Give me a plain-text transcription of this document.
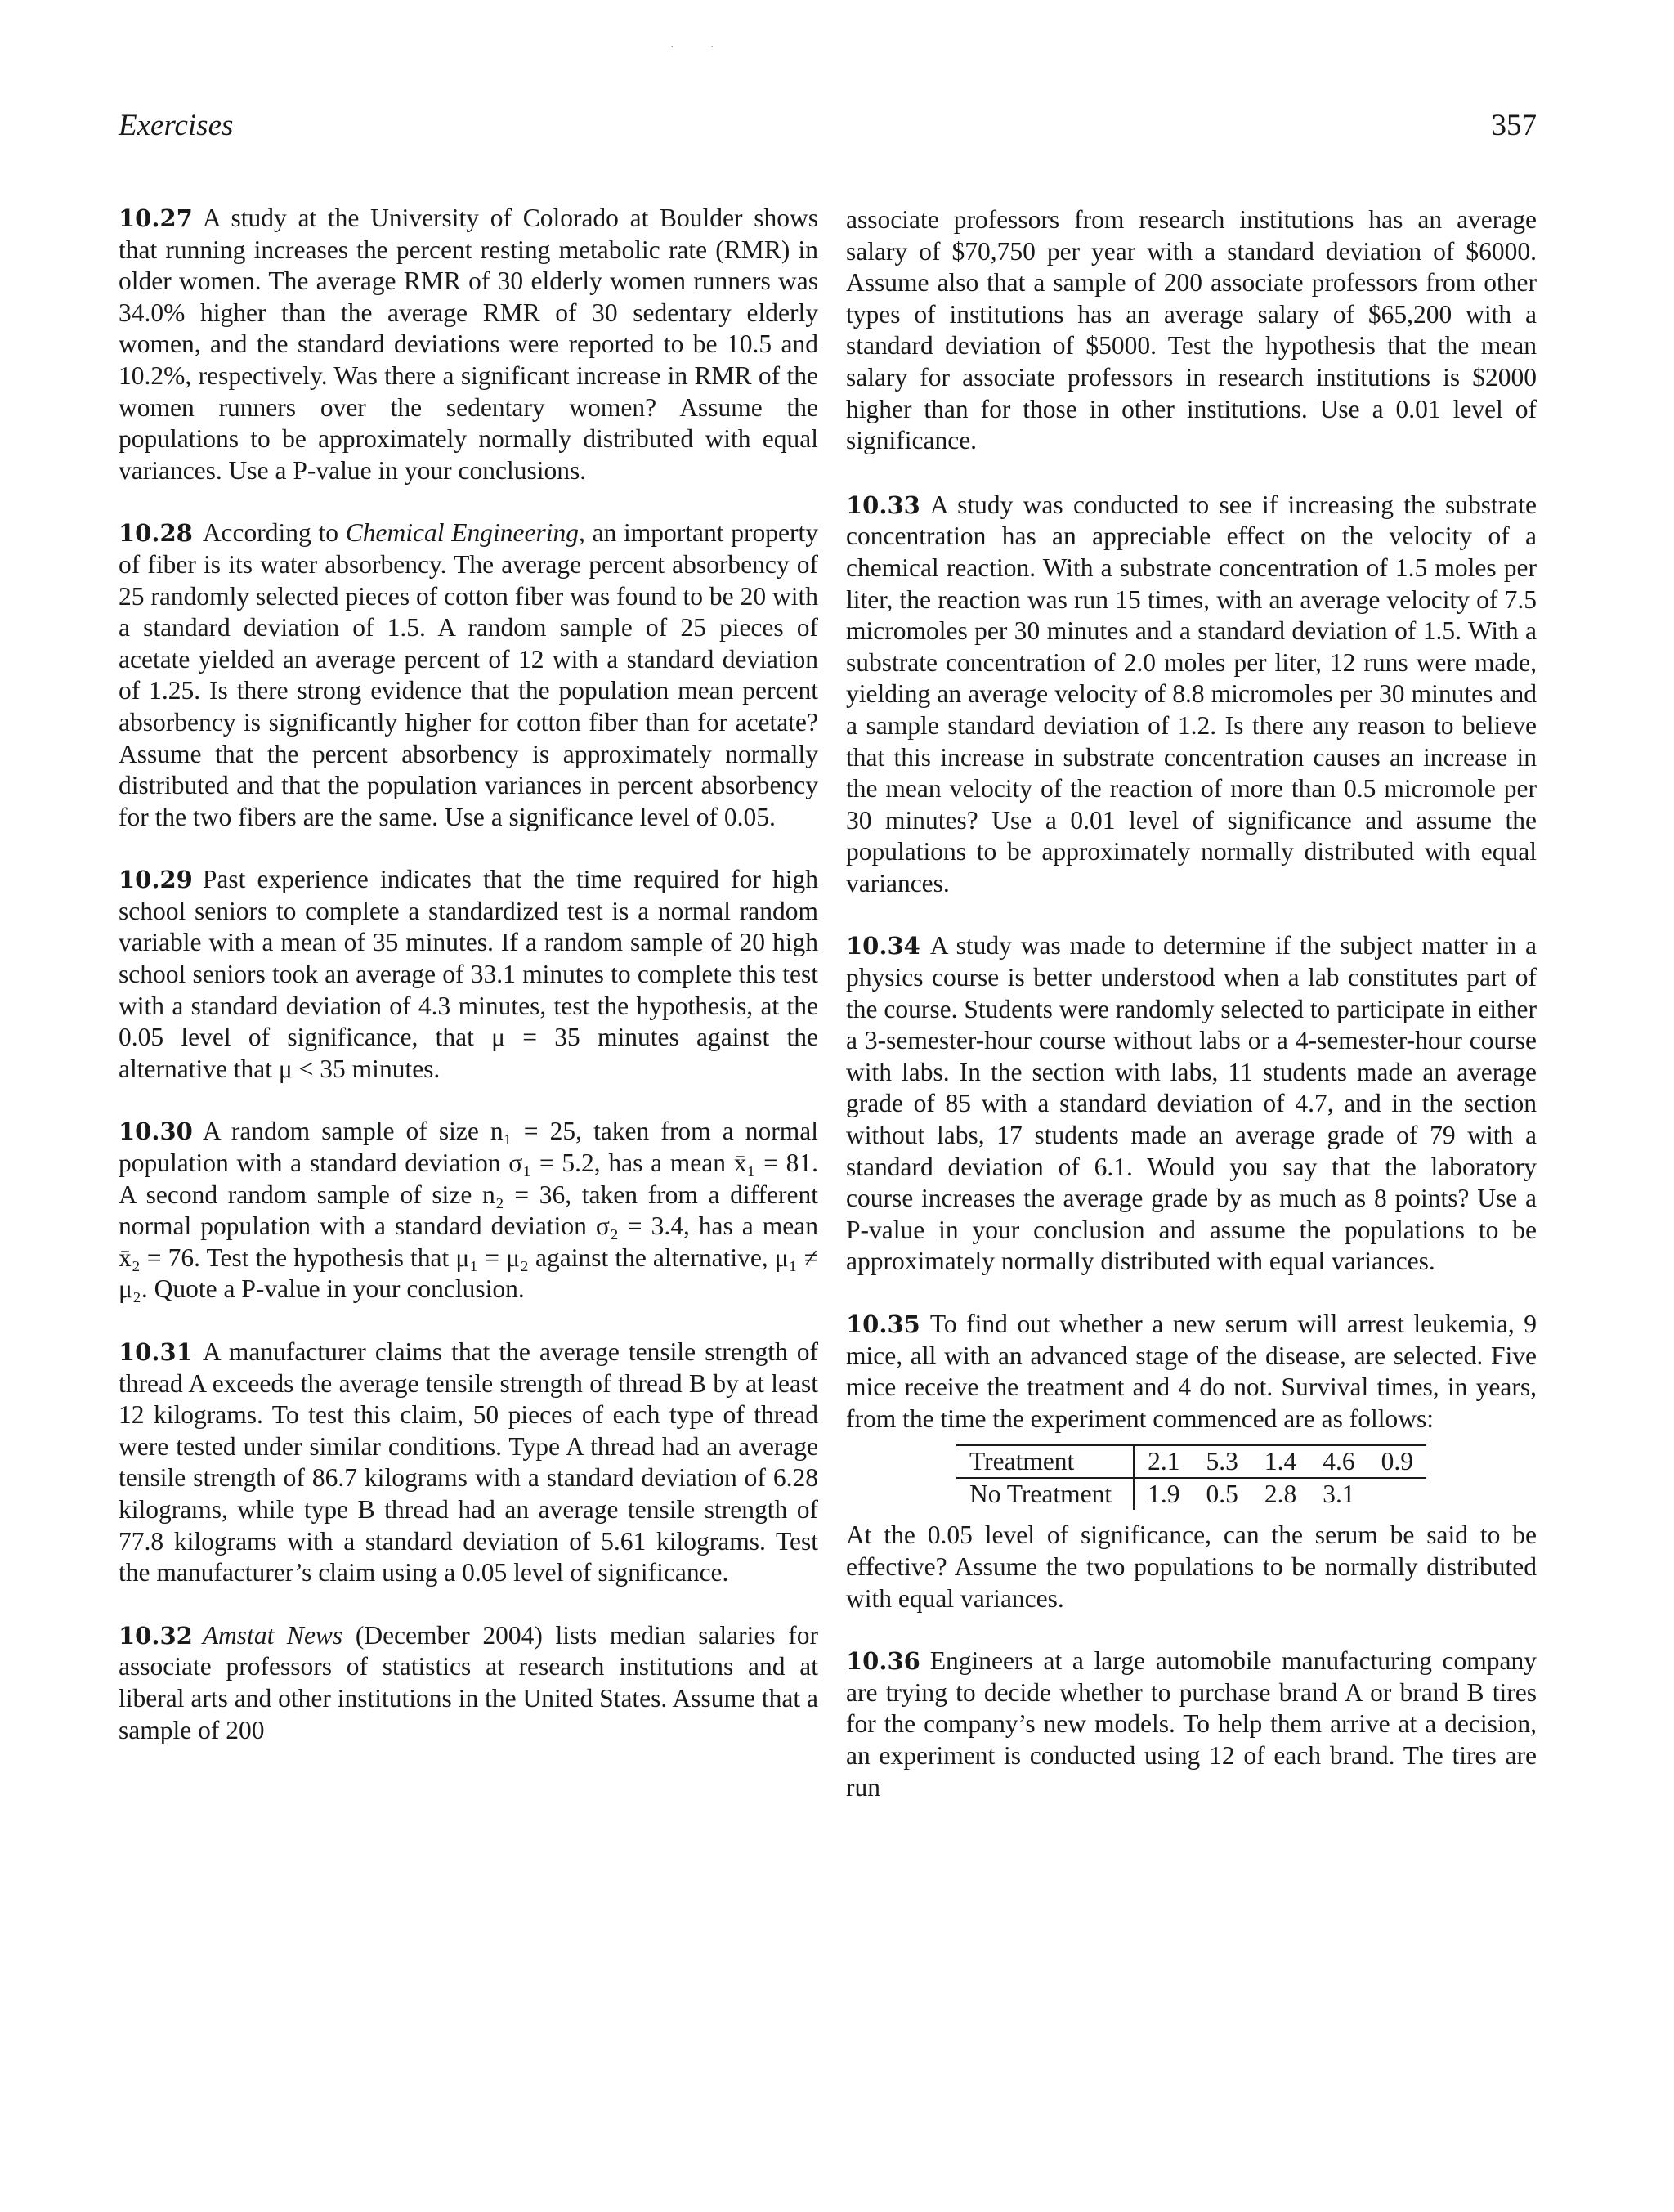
· ·
Exercises	357

10.27 A study at the University of Colorado at Boulder shows that running increases the percent resting metabolic rate (RMR) in older women. The average RMR of 30 elderly women runners was 34.0% higher than the average RMR of 30 sedentary elderly women, and the standard deviations were reported to be 10.5 and 10.2%, respectively. Was there a significant increase in RMR of the women runners over the sedentary women? Assume the populations to be approximately normally distributed with equal variances. Use a P-value in your conclusions.

10.28 According to Chemical Engineering, an important property of fiber is its water absorbency. The average percent absorbency of 25 randomly selected pieces of cotton fiber was found to be 20 with a standard deviation of 1.5. A random sample of 25 pieces of acetate yielded an average percent of 12 with a standard deviation of 1.25. Is there strong evidence that the population mean percent absorbency is significantly higher for cotton fiber than for acetate? Assume that the percent absorbency is approximately normally distributed and that the population variances in percent absorbency for the two fibers are the same. Use a significance level of 0.05.

10.29 Past experience indicates that the time required for high school seniors to complete a standardized test is a normal random variable with a mean of 35 minutes. If a random sample of 20 high school seniors took an average of 33.1 minutes to complete this test with a standard deviation of 4.3 minutes, test the hypothesis, at the 0.05 level of significance, that μ = 35 minutes against the alternative that μ < 35 minutes.

10.30 A random sample of size n₁ = 25, taken from a normal population with a standard deviation σ₁ = 5.2, has a mean x̄₁ = 81. A second random sample of size n₂ = 36, taken from a different normal population with a standard deviation σ₂ = 3.4, has a mean x̄₂ = 76. Test the hypothesis that μ₁ = μ₂ against the alternative, μ₁ ≠ μ₂. Quote a P-value in your conclusion.

10.31 A manufacturer claims that the average tensile strength of thread A exceeds the average tensile strength of thread B by at least 12 kilograms. To test this claim, 50 pieces of each type of thread were tested under similar conditions. Type A thread had an average tensile strength of 86.7 kilograms with a standard deviation of 6.28 kilograms, while type B thread had an average tensile strength of 77.8 kilograms with a standard deviation of 5.61 kilograms. Test the manufacturer’s claim using a 0.05 level of significance.

10.32 Amstat News (December 2004) lists median salaries for associate professors of statistics at research institutions and at liberal arts and other institutions in the United States. Assume that a sample of 200

associate professors from research institutions has an average salary of $70,750 per year with a standard deviation of $6000. Assume also that a sample of 200 associate professors from other types of institutions has an average salary of $65,200 with a standard deviation of $5000. Test the hypothesis that the mean salary for associate professors in research institutions is $2000 higher than for those in other institutions. Use a 0.01 level of significance.

10.33 A study was conducted to see if increasing the substrate concentration has an appreciable effect on the velocity of a chemical reaction. With a substrate concentration of 1.5 moles per liter, the reaction was run 15 times, with an average velocity of 7.5 micromoles per 30 minutes and a standard deviation of 1.5. With a substrate concentration of 2.0 moles per liter, 12 runs were made, yielding an average velocity of 8.8 micromoles per 30 minutes and a sample standard deviation of 1.2. Is there any reason to believe that this increase in substrate concentration causes an increase in the mean velocity of the reaction of more than 0.5 micromole per 30 minutes? Use a 0.01 level of significance and assume the populations to be approximately normally distributed with equal variances.

10.34 A study was made to determine if the subject matter in a physics course is better understood when a lab constitutes part of the course. Students were randomly selected to participate in either a 3-semester-hour course without labs or a 4-semester-hour course with labs. In the section with labs, 11 students made an average grade of 85 with a standard deviation of 4.7, and in the section without labs, 17 students made an average grade of 79 with a standard deviation of 6.1. Would you say that the laboratory course increases the average grade by as much as 8 points? Use a P-value in your conclusion and assume the populations to be approximately normally distributed with equal variances.

10.35 To find out whether a new serum will arrest leukemia, 9 mice, all with an advanced stage of the disease, are selected. Five mice receive the treatment and 4 do not. Survival times, in years, from the time the experiment commenced are as follows:

Treatment	2.1	5.3	1.4	4.6	0.9
No Treatment	1.9	0.5	2.8	3.1	

At the 0.05 level of significance, can the serum be said to be effective? Assume the two populations to be normally distributed with equal variances.

10.36 Engineers at a large automobile manufacturing company are trying to decide whether to purchase brand A or brand B tires for the company’s new models. To help them arrive at a decision, an experiment is conducted using 12 of each brand. The tires are run
